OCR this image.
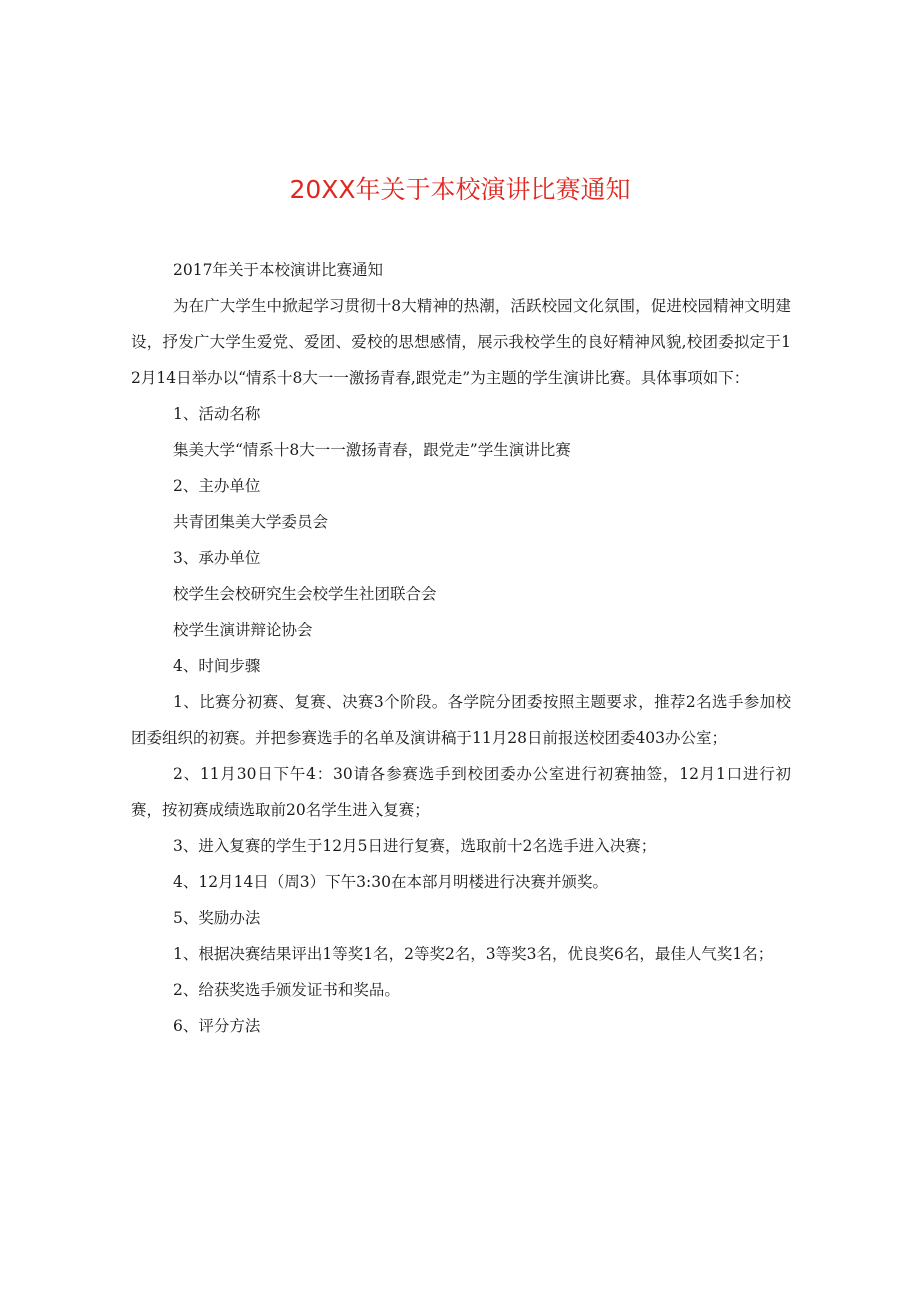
20XX年关于本校演讲比赛通知

2017年关于本校演讲比赛通知

为在广大学生中掀起学习贯彻十8大精神的热潮，活跃校园文化氛围，促进校园精神文明建设，抒发广大学生爱党、爱团、爱校的思想感情，展示我校学生的良好精神风貌,校团委拟定于12月14日举办以“情系十8大一一激扬青春,跟党走”为主题的学生演讲比赛。具体事项如下：

1、活动名称

集美大学“情系十8大一一激扬青春，跟党走”学生演讲比赛

2、主办单位

共青团集美大学委员会

3、承办单位

校学生会校研究生会校学生社团联合会

校学生演讲辩论协会

4、时间步骤

1、比赛分初赛、复赛、决赛3个阶段。各学院分团委按照主题要求，推荐2名选手参加校团委组织的初赛。并把参赛选手的名单及演讲稿于11月28日前报送校团委403办公室；

2、11月30日下午4：30请各参赛选手到校团委办公室进行初赛抽签，12月1口进行初赛，按初赛成绩选取前20名学生进入复赛；

3、进入复赛的学生于12月5日进行复赛，选取前十2名选手进入决赛；

4、12月14日（周3）下午3:30在本部月明楼进行决赛并颁奖。

5、奖励办法

1、根据决赛结果评出1等奖1名，2等奖2名，3等奖3名，优良奖6名，最佳人气奖1名；

2、给获奖选手颁发证书和奖品。

6、评分方法
